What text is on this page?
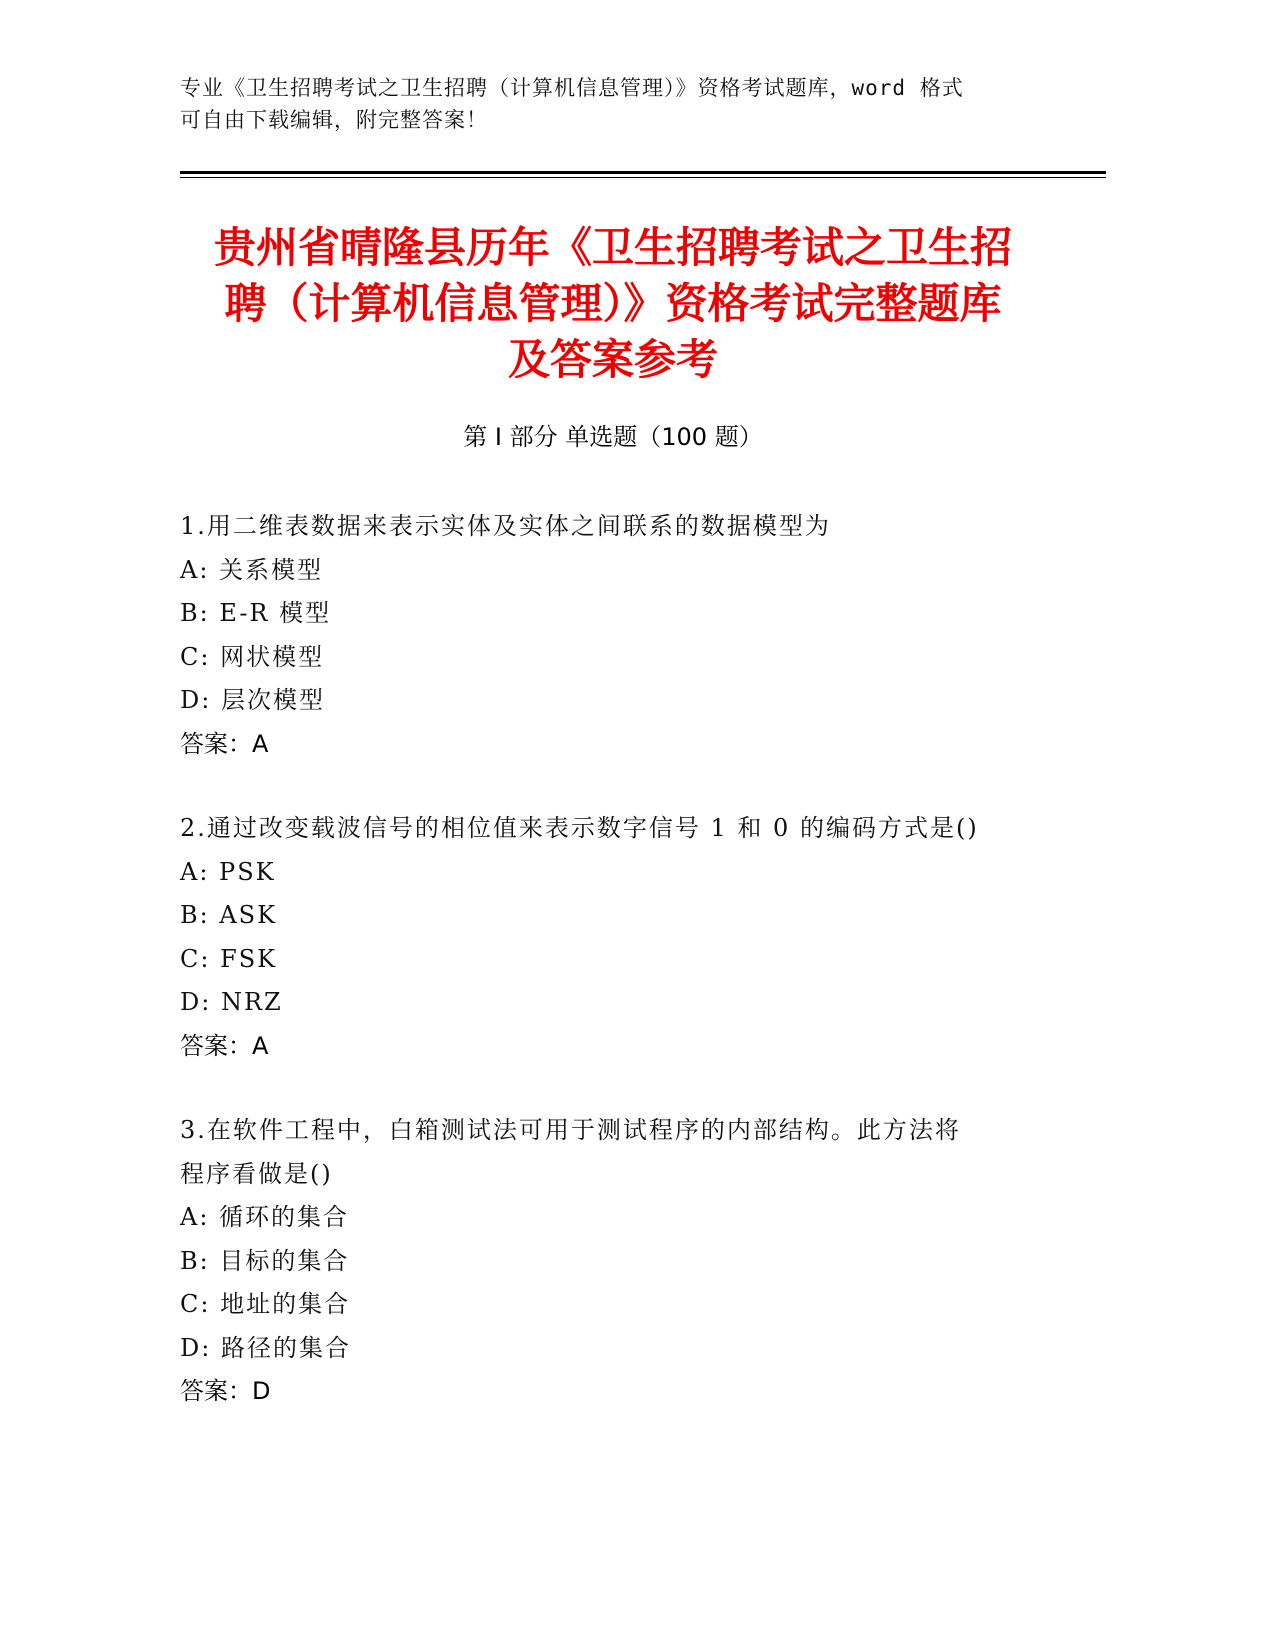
专业《卫生招聘考试之卫生招聘（计算机信息管理）》资格考试题库，word 格式
可自由下载编辑，附完整答案！
贵州省晴隆县历年《卫生招聘考试之卫生招
聘（计算机信息管理）》资格考试完整题库
及答案参考
第 I 部分 单选题（100 题）
1.用二维表数据来表示实体及实体之间联系的数据模型为
A: 关系模型
B: E-R 模型
C: 网状模型
D: 层次模型
答案：A
2.通过改变载波信号的相位值来表示数字信号 1 和 0 的编码方式是()
A: PSK
B: ASK
C: FSK
D: NRZ
答案：A
3.在软件工程中，白箱测试法可用于测试程序的内部结构。此方法将
程序看做是()
A: 循环的集合
B: 目标的集合
C: 地址的集合
D: 路径的集合
答案：D
